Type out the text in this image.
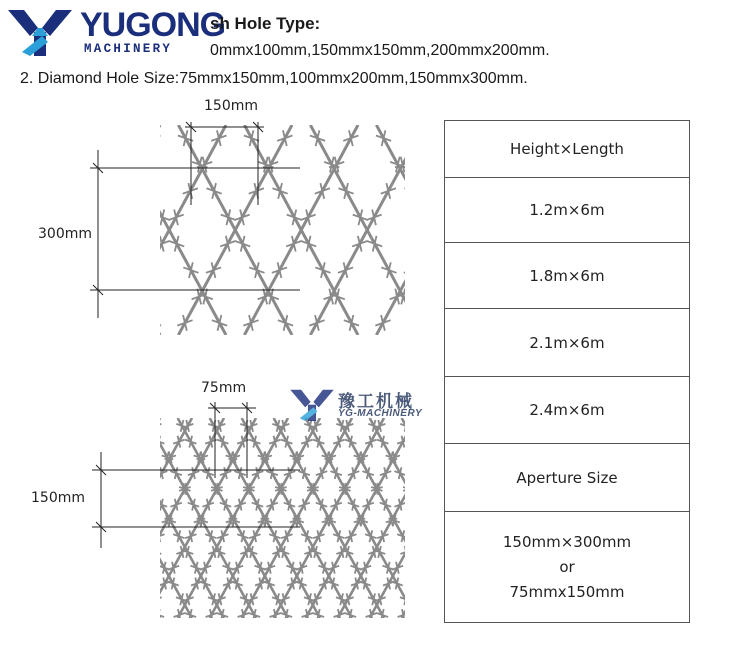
YUGONG
MACHINERY
sh Hole Type:
0mmx100mm,150mmx150mm,200mmx200mm.
2. Diamond Hole Size:75mmx150mm,100mmx200mm,150mmx300mm.
150mm
300mm
75mm
150mm
豫工机械
YG-MACHINERY
Height×Length
1.2m×6m
1.8m×6m
2.1m×6m
2.4m×6m
Aperture Size
150mm×300mm
or
75mmx150mm
